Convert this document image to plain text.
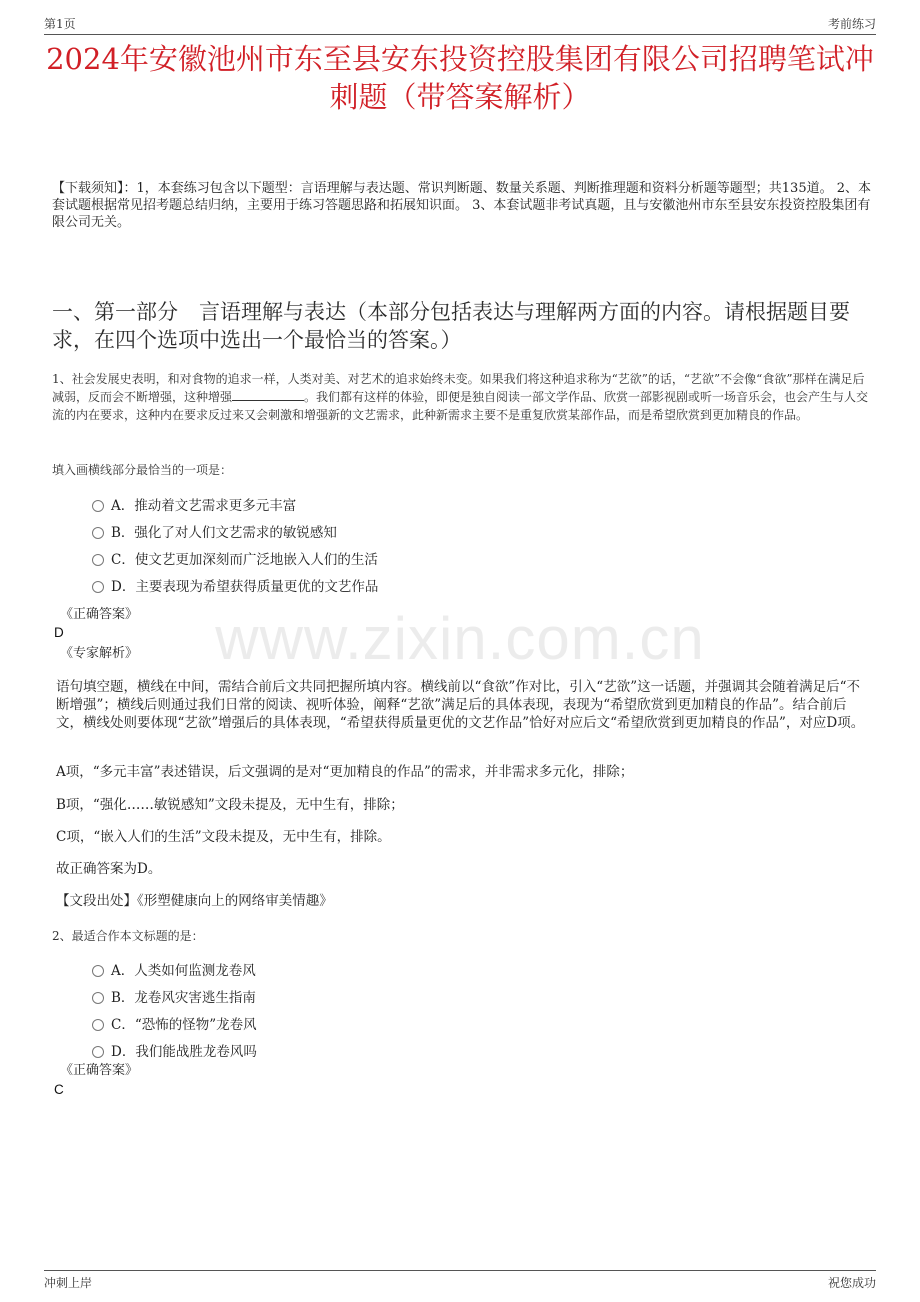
第1页	考前练习
2024年安徽池州市东至县安东投资控股集团有限公司招聘笔试冲刺题（带答案解析）
【下载须知】：1，本套练习包含以下题型：言语理解与表达题、常识判断题、数量关系题、判断推理题和资料分析题等题型；共135道。 2、本套试题根据常见招考题总结归纳，主要用于练习答题思路和拓展知识面。 3、本套试题非考试真题，且与安徽池州市东至县安东投资控股集团有限公司无关。
一、第一部分　言语理解与表达（本部分包括表达与理解两方面的内容。请根据题目要求，在四个选项中选出一个最恰当的答案。）
1、社会发展史表明，和对食物的追求一样，人类对美、对艺术的追求始终未变。如果我们将这种追求称为“艺欲”的话，“艺欲”不会像“食欲”那样在满足后减弱，反而会不断增强，这种增强	。我们都有这样的体验，即便是独自阅读一部文学作品、欣赏一部影视剧或听一场音乐会，也会产生与人交流的内在要求，这种内在要求反过来又会刺激和增强新的文艺需求，此种新需求主要不是重复欣赏某部作品，而是希望欣赏到更加精良的作品。
填入画横线部分最恰当的一项是：
A．推动着文艺需求更多元丰富
B．强化了对人们文艺需求的敏锐感知
C．使文艺更加深刻而广泛地嵌入人们的生活
D．主要表现为希望获得质量更优的文艺作品
《正确答案》
D
《专家解析》	www.zixin.com.cn
语句填空题，横线在中间，需结合前后文共同把握所填内容。横线前以“食欲”作对比，引入“艺欲”这一话题，并强调其会随着满足后“不断增强”；横线后则通过我们日常的阅读、视听体验，阐释“艺欲”满足后的具体表现，表现为“希望欣赏到更加精良的作品”。结合前后文，横线处则要体现“艺欲”增强后的具体表现，“希望获得质量更优的文艺作品”恰好对应后文“希望欣赏到更加精良的作品”，对应D项。
A项，“多元丰富”表述错误，后文强调的是对“更加精良的作品”的需求，并非需求多元化，排除；
B项，“强化……敏锐感知”文段未提及，无中生有，排除；
C项，“嵌入人们的生活”文段未提及，无中生有，排除。
故正确答案为D。
【文段出处】《形塑健康向上的网络审美情趣》
2、最适合作本文标题的是：
A．人类如何监测龙卷风
B．龙卷风灾害逃生指南
C．“恐怖的怪物”龙卷风
D．我们能战胜龙卷风吗
《正确答案》
C
冲刺上岸	祝您成功
